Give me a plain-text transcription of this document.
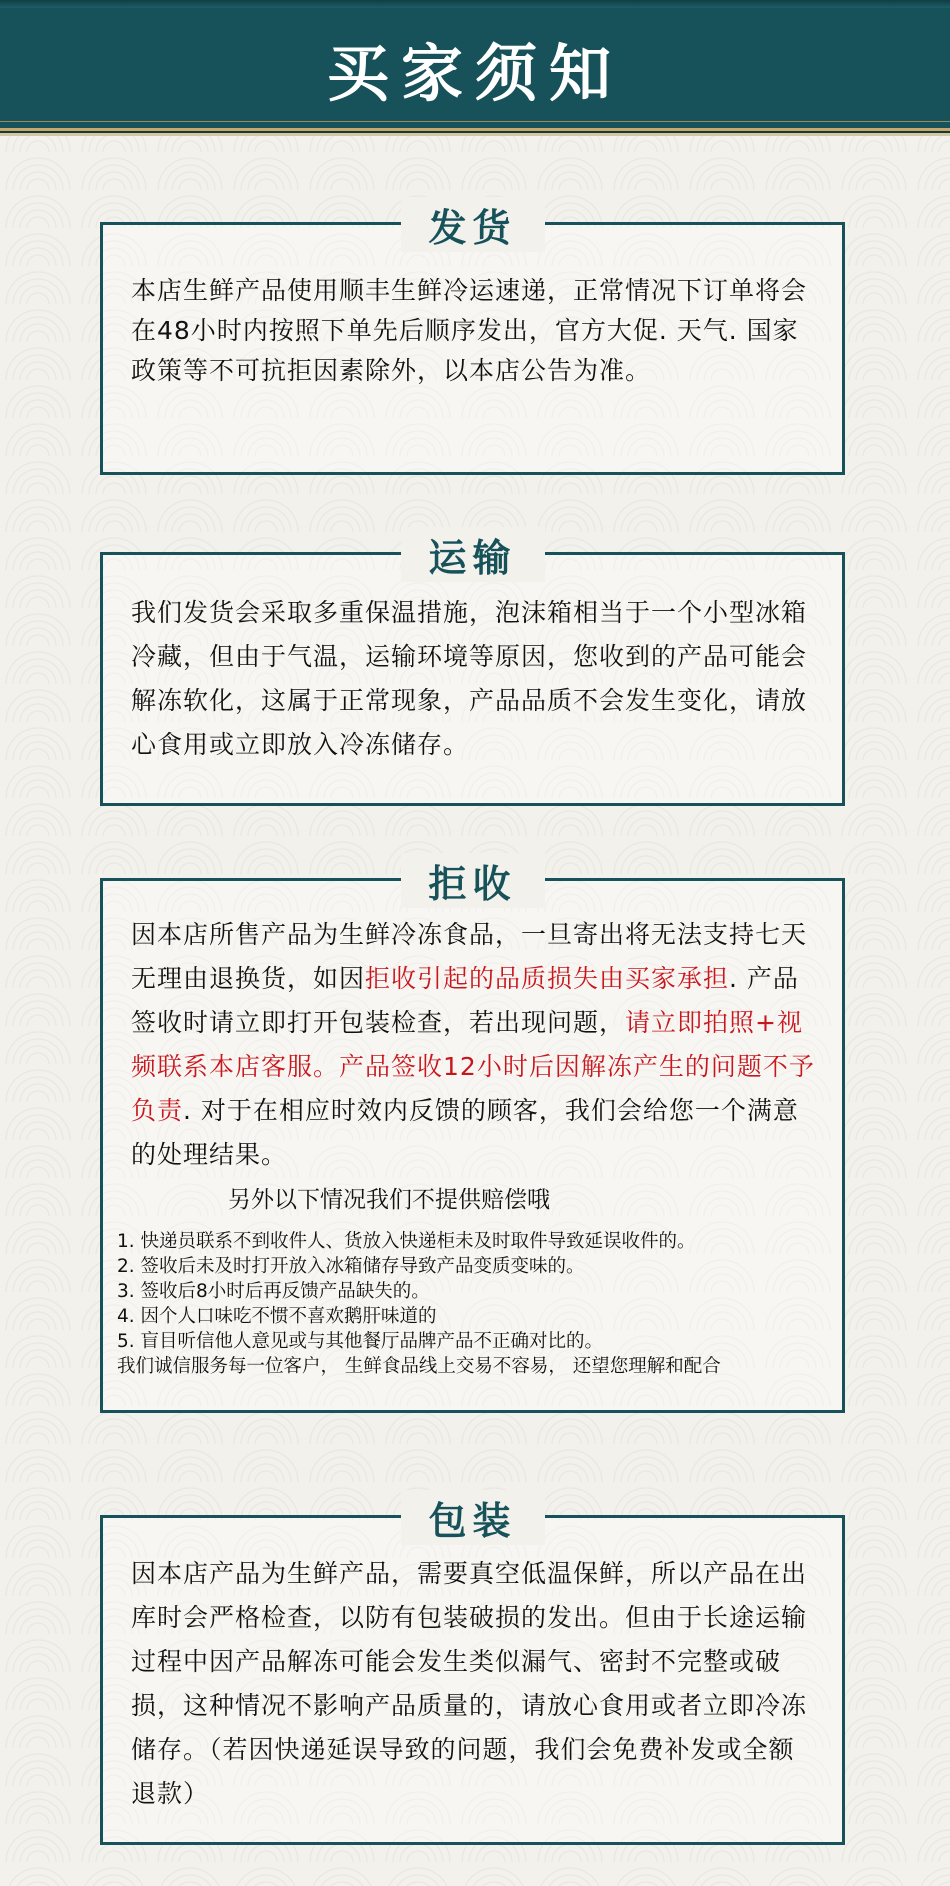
买家须知
发货
本店生鲜产品使用顺丰生鲜冷运速递，正常情况下订单将会在48小时内按照下单先后顺序发出，官方大促. 天气. 国家政策等不可抗拒因素除外，以本店公告为准。
运输
我们发货会采取多重保温措施，泡沫箱相当于一个小型冰箱冷藏，但由于气温，运输环境等原因，您收到的产品可能会解冻软化，这属于正常现象，产品品质不会发生变化，请放心食用或立即放入冷冻储存。
拒收
因本店所售产品为生鲜冷冻食品，一旦寄出将无法支持七天无理由退换货，如因拒收引起的品质损失由买家承担. 产品签收时请立即打开包装检查，若出现问题，请立即拍照+视频联系本店客服。产品签收12小时后因解冻产生的问题不予负责. 对于在相应时效内反馈的顾客，我们会给您一个满意的处理结果。
另外以下情况我们不提供赔偿哦
1. 快递员联系不到收件人、货放入快递柜未及时取件导致延误收件的。
2. 签收后未及时打开放入冰箱储存导致产品变质变味的。
3. 签收后8小时后再反馈产品缺失的。
4. 因个人口味吃不惯不喜欢鹅肝味道的
5. 盲目听信他人意见或与其他餐厅品牌产品不正确对比的。
我们诚信服务每一位客户， 生鲜食品线上交易不容易， 还望您理解和配合
包装
因本店产品为生鲜产品，需要真空低温保鲜，所以产品在出库时会严格检查，以防有包装破损的发出。但由于长途运输过程中因产品解冻可能会发生类似漏气、密封不完整或破损，这种情况不影响产品质量的，请放心食用或者立即冷冻储存。（若因快递延误导致的问题，我们会免费补发或全额退款）
